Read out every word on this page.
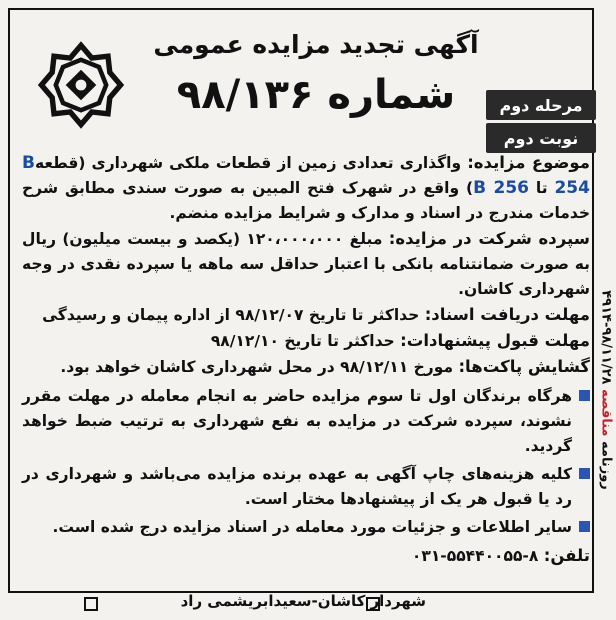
آگهی تجدید مزایده عمومی
شماره ۹۸/۱۳۶	مرحله دوم
نوبت دوم

موضوع مزایده: واگذاری تعدادی زمین از قطعات ملکی شهرداری (قطعهB 254 تا B 256) واقع در شهرک فتح المبین به صورت سندی مطابق شرح خدمات مندرج در اسناد و مدارک و شرایط مزایده منضم.

سپرده شرکت در مزایده: مبلغ ۱۲۰،۰۰۰،۰۰۰ (یکصد و بیست میلیون) ریال به صورت ضمانتنامه بانکی با اعتبار حداقل سه ماهه یا سپرده نقدی در وجه شهرداری کاشان.

مهلت دریافت اسناد: حداکثر تا تاریخ ۹۸/۱۲/۰۷ از اداره پیمان و رسیدگی

مهلت قبول پیشنهادات: حداکثر تا تاریخ ۹۸/۱۲/۱۰

گشایش پاکت‌ها: مورخ ۹۸/۱۲/۱۱ در محل شهرداری کاشان خواهد بود.

هرگاه برندگان اول تا سوم مزایده حاضر به انجام معامله در مهلت مقرر نشوند، سپرده شرکت در مزایده به نفع شهرداری به ترتیب ضبط خواهد گردید.
کلیه هزینه‌های چاپ آگهی به عهده برنده مزایده می‌باشد و شهرداری در رد یا قبول هر یک از پیشنهادها مختار است.
سایر اطلاعات و جزئیات مورد معامله در اسناد مزایده درج شده است.

تلفن: ۰۳۱-۵۵۴۴۰۰۵۵-۸

شهردار کاشان-سعیدابریشمی راد
روزنامه مناقصه ۹۸/۱۱/۲۸-۴۹۱۴
